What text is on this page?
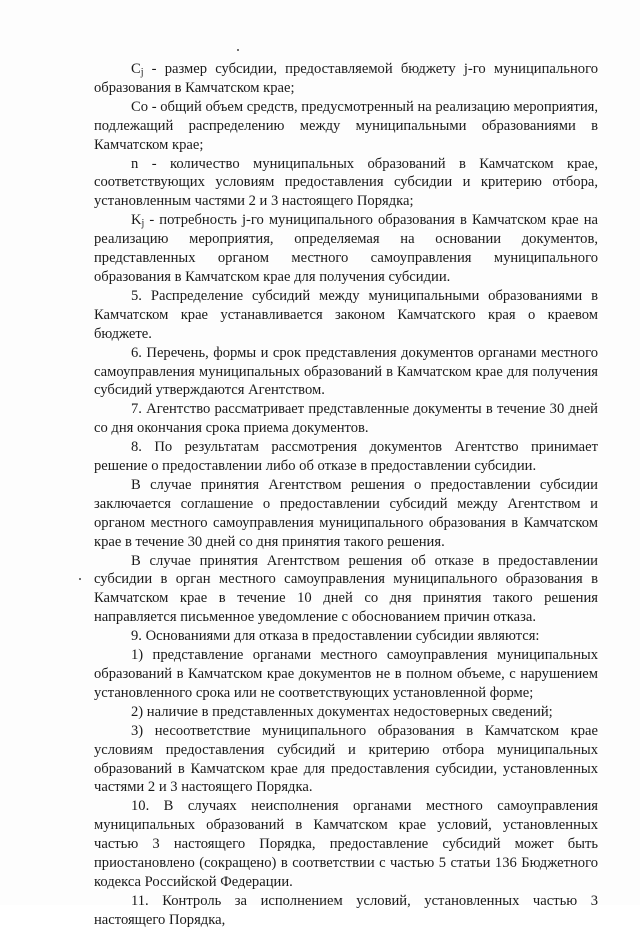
$C_j$ - размер субсидии, предоставляемой бюджету j-го муниципального образования в Камчатском крае;

Co - общий объем средств, предусмотренный на реализацию мероприятия, подлежащий распределению между муниципальными образованиями в Камчатском крае;

n - количество муниципальных образований в Камчатском крае, соответствующих условиям предоставления субсидии и критерию отбора, установленным частями 2 и 3 настоящего Порядка;

$K_j$ - потребность j-го муниципального образования в Камчатском крае на реализацию мероприятия, определяемая на основании документов, представленных органом местного самоуправления муниципального образования в Камчатском крае для получения субсидии.

5. Распределение субсидий между муниципальными образованиями в Камчатском крае устанавливается законом Камчатского края о краевом бюджете.

6. Перечень, формы и срок представления документов органами местного самоуправления муниципальных образований в Камчатском крае для получения субсидий утверждаются Агентством.

7. Агентство рассматривает представленные документы в течение 30 дней со дня окончания срока приема документов.

8. По результатам рассмотрения документов Агентство принимает решение о предоставлении либо об отказе в предоставлении субсидии.

В случае принятия Агентством решения о предоставлении субсидии заключается соглашение о предоставлении субсидий между Агентством и органом местного самоуправления муниципального образования в Камчатском крае в течение 30 дней со дня принятия такого решения.

В случае принятия Агентством решения об отказе в предоставлении субсидии в орган местного самоуправления муниципального образования в Камчатском крае в течение 10 дней со дня принятия такого решения направляется письменное уведомление с обоснованием причин отказа.

9. Основаниями для отказа в предоставлении субсидии являются:

1) представление органами местного самоуправления муниципальных образований в Камчатском крае документов не в полном объеме, с нарушением установленного срока или не соответствующих установленной форме;

2) наличие в представленных документах недостоверных сведений;

3) несоответствие муниципального образования в Камчатском крае условиям предоставления субсидий и критерию отбора муниципальных образований в Камчатском крае для предоставления субсидии, установленных частями 2 и 3 настоящего Порядка.

10. В случаях неисполнения органами местного самоуправления муниципальных образований в Камчатском крае условий, установленных частью 3 настоящего Порядка, предоставление субсидий может быть приостановлено (сокращено) в соответствии с частью 5 статьи 136 Бюджетного кодекса Российской Федерации.

11. Контроль за исполнением условий, установленных частью 3 настоящего Порядка,
